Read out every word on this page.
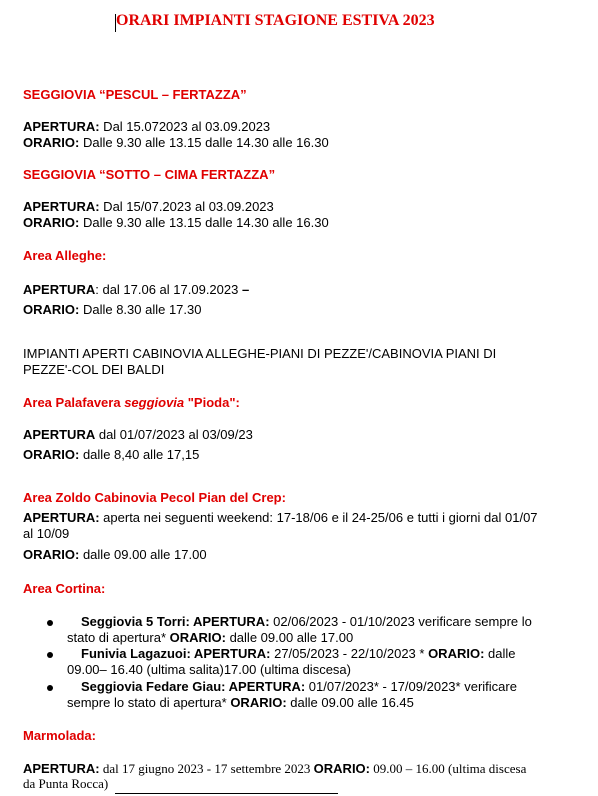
ORARI IMPIANTI STAGIONE ESTIVA 2023
SEGGIOVIA “PESCUL – FERTAZZA”
APERTURA: Dal 15.072023 al 03.09.2023
ORARIO: Dalle 9.30 alle 13.15 dalle 14.30 alle 16.30
SEGGIOVIA “SOTTO – CIMA FERTAZZA”
APERTURA: Dal 15/07.2023 al 03.09.2023
ORARIO: Dalle 9.30 alle 13.15 dalle 14.30 alle 16.30
Area Alleghe:
APERTURA: dal 17.06 al 17.09.2023 –
ORARIO: Dalle 8.30 alle 17.30
IMPIANTI APERTI CABINOVIA ALLEGHE-PIANI DI PEZZE'/CABINOVIA PIANI DI
PEZZE'-COL DEI BALDI
Area Palafavera seggiovia "Pioda":
APERTURA dal 01/07/2023 al 03/09/23
ORARIO: dalle 8,40 alle 17,15
Area Zoldo Cabinovia Pecol Pian del Crep:
APERTURA: aperta nei seguenti weekend: 17-18/06 e il 24-25/06 e tutti i giorni dal 01/07
al 10/09
ORARIO: dalle 09.00 alle 17.00
Area Cortina:
Seggiovia 5 Torri: APERTURA: 02/06/2023 - 01/10/2023 verificare sempre lo
stato di apertura* ORARIO: dalle 09.00 alle 17.00
Funivia Lagazuoi: APERTURA: 27/05/2023 - 22/10/2023 * ORARIO: dalle
09.00– 16.40 (ultima salita)17.00 (ultima discesa)
Seggiovia Fedare Giau: APERTURA: 01/07/2023* - 17/09/2023* verificare
sempre lo stato di apertura* ORARIO: dalle 09.00 alle 16.45
Marmolada:
APERTURA: dal 17 giugno 2023 - 17 settembre 2023 ORARIO: 09.00 – 16.00 (ultima discesa
da Punta Rocca)
